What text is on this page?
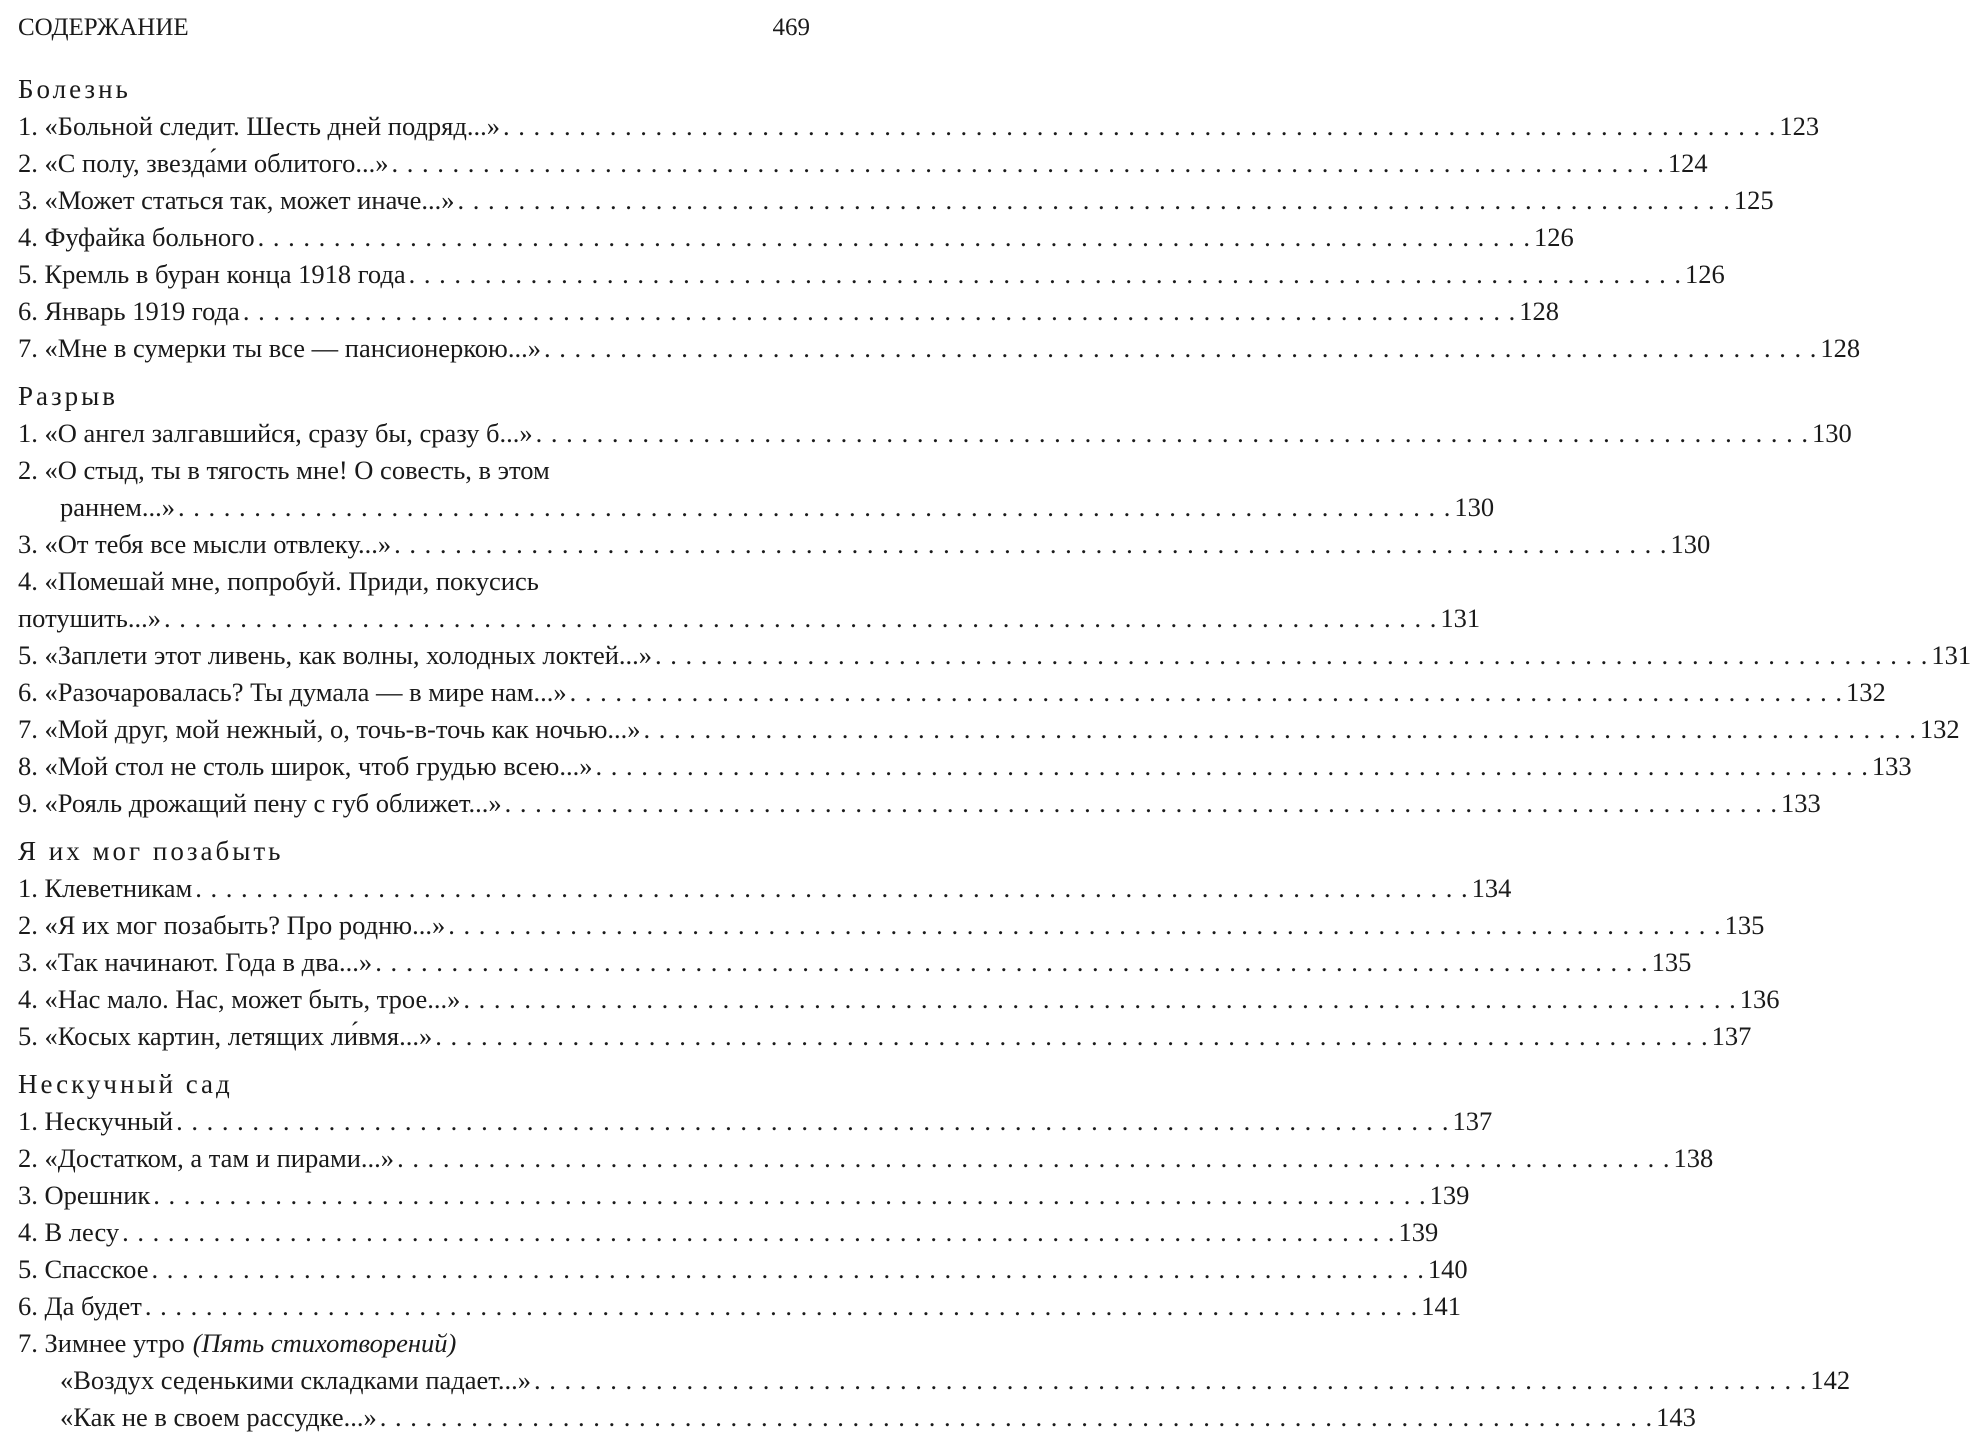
СОДЕРЖАНИЕ	469
Болезнь
1. «Больной следит. Шесть дней подряд...» . . .	123
2. «С полу, звезда́ми облитого...» . . .	124
3. «Может статься так, может иначе...» . . .	125
4. Фуфайка больного . . .	126
5. Кремль в буран конца 1918 года . . .	126
6. Январь 1919 года . . .	128
7. «Мне в сумерки ты все — пансионеркою...» . . .	128
Разрыв
1. «О ангел залгавшийся, сразу бы, сразу б...» . . .	130
2. «О стыд, ты в тягость мне! О совесть, в этом
раннем...» . . .	130
3. «От тебя все мысли отвлеку...» . . .	130
4. «Помешай мне, попробуй. Приди, покусись
потушить...» . . .	131
5. «Заплети этот ливень, как волны, холодных локтей...» . . .	131
6. «Разочаровалась? Ты думала — в мире нам...» . . .	132
7. «Мой друг, мой нежный, о, точь-в-точь как ночью...» . . .	132
8. «Мой стол не столь широк, чтоб грудью всею...» . . .	133
9. «Рояль дрожащий пену с губ оближет...» . . .	133
Я их мог позабыть
1. Клеветникам . . .	134
2. «Я их мог позабыть? Про родню...» . . .	135
3. «Так начинают. Года в два...» . . .	135
4. «Нас мало. Нас, может быть, трое...» . . .	136
5. «Косых картин, летящих ли́вмя...» . . .	137
Нескучный сад
1. Нескучный . . .	137
2. «Достатком, а там и пирами...» . . .	138
3. Орешник . . .	139
4. В лесу . . .	139
5. Спасское . . .	140
6. Да будет . . .	141
7. Зимнее утро (Пять стихотворений)
«Воздух седенькими складками падает...» . . .	142
«Как не в своем рассудке...» . . .	143
